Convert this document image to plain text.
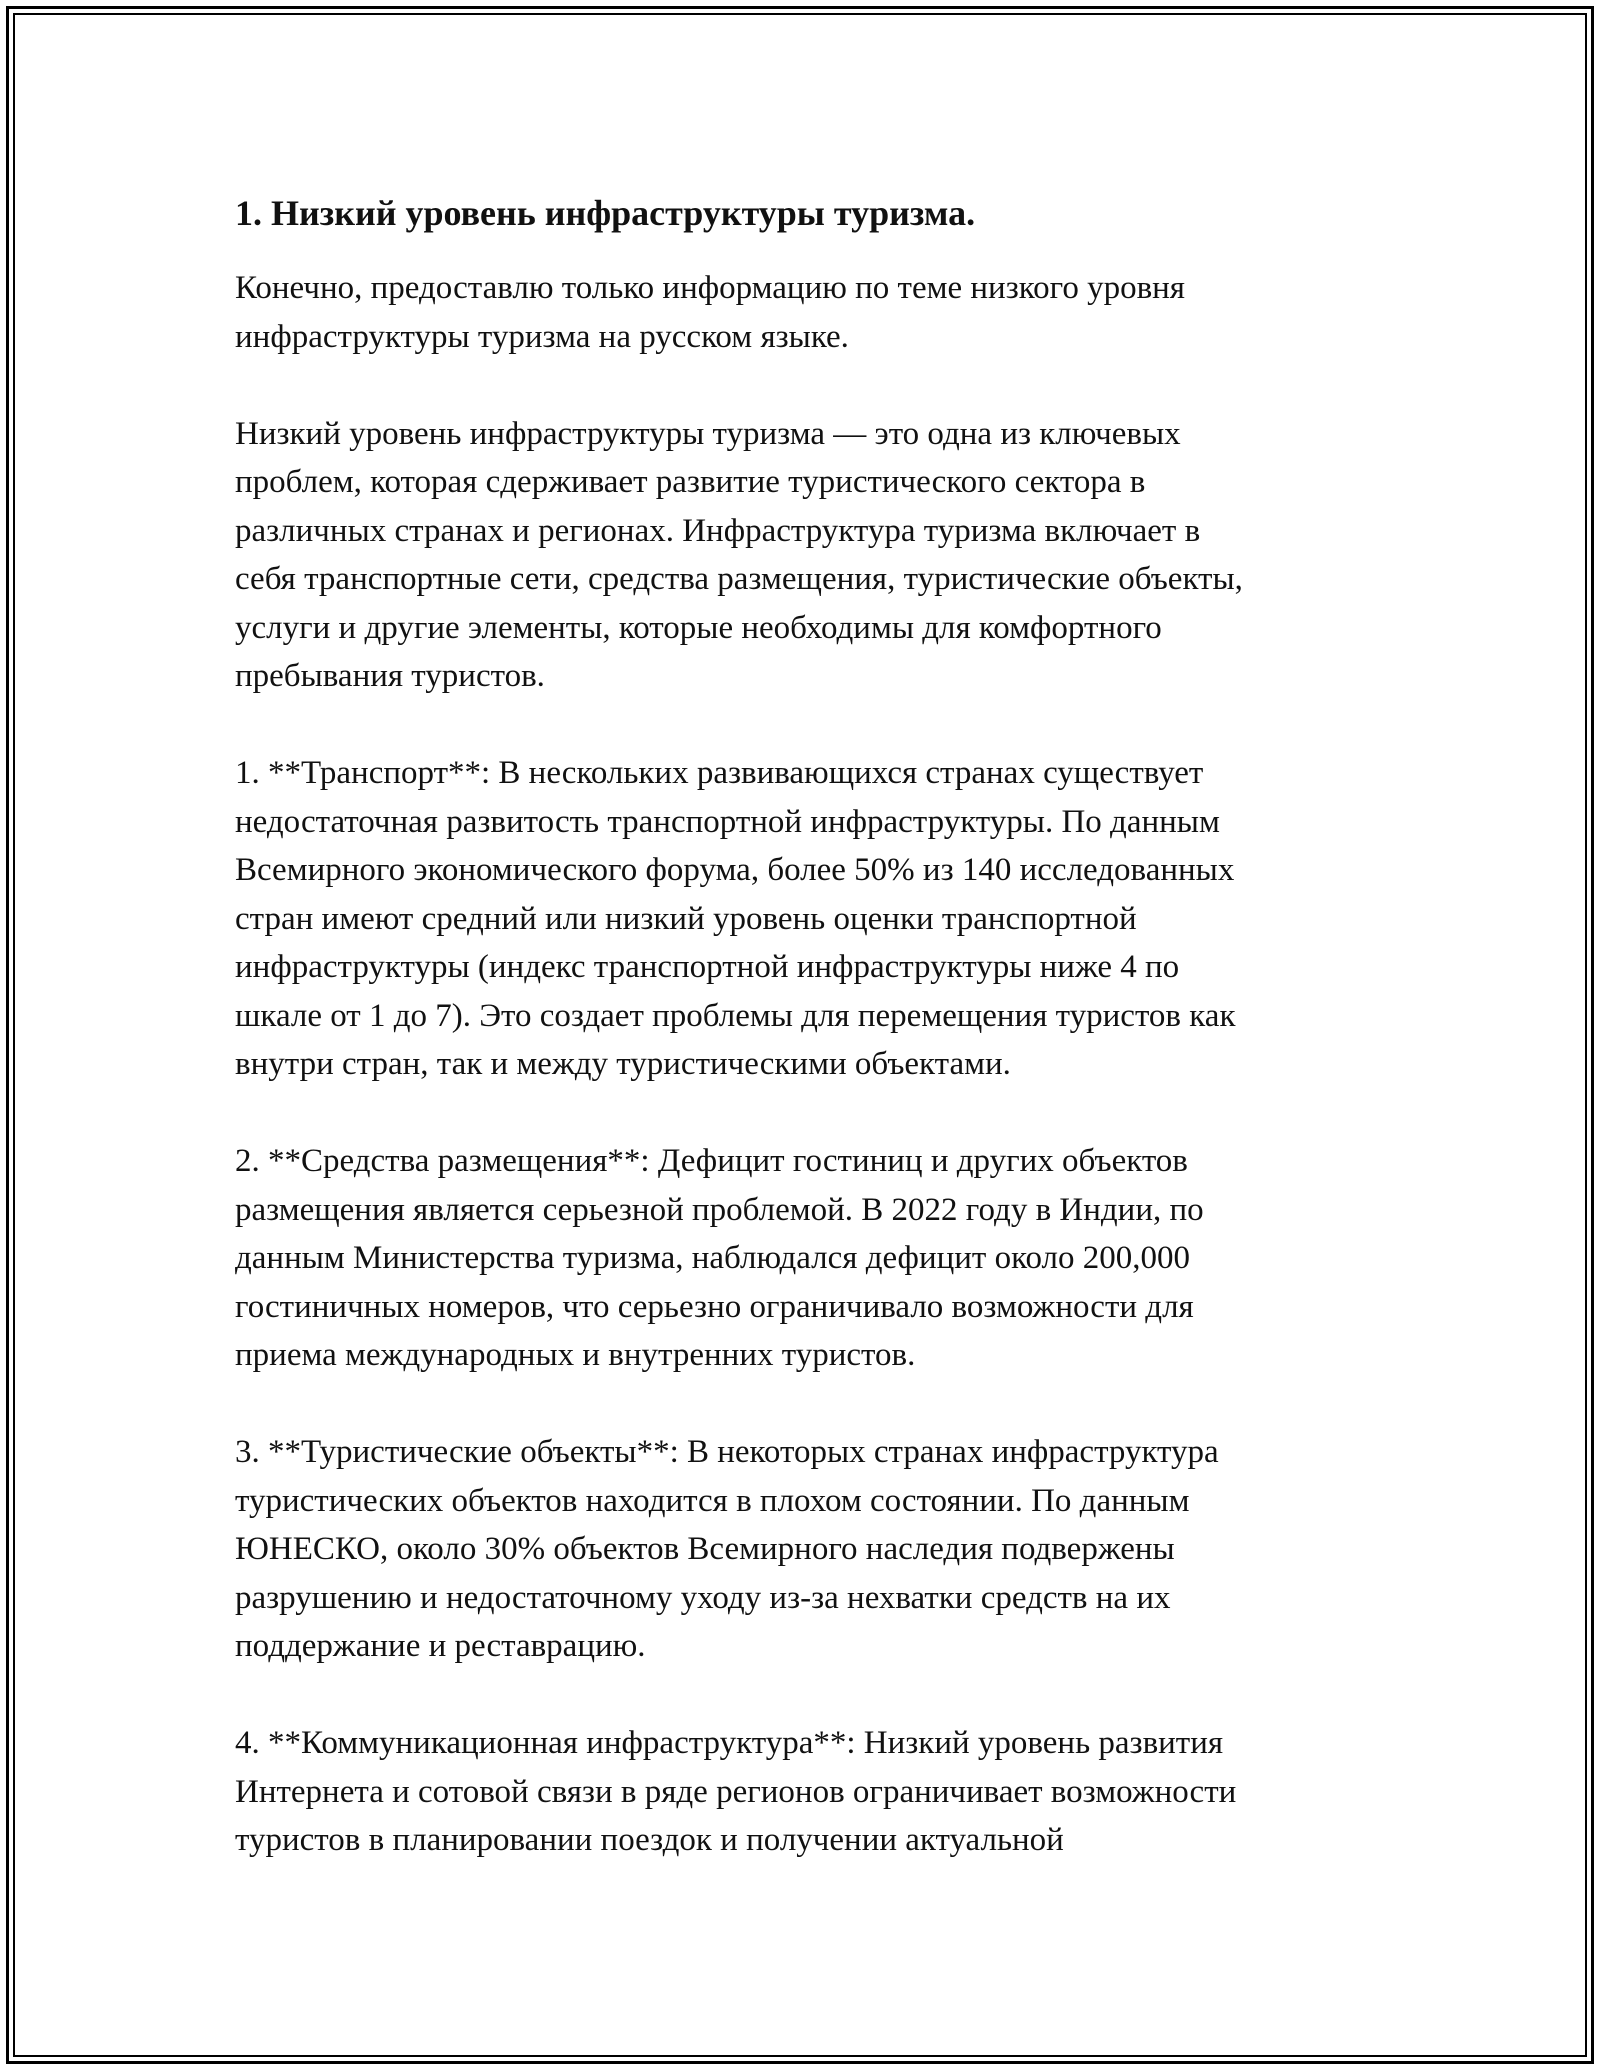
1. Низкий уровень инфраструктуры туризма.

Конечно, предоставлю только информацию по теме низкого уровня
инфраструктуры туризма на русском языке.

Низкий уровень инфраструктуры туризма — это одна из ключевых
проблем, которая сдерживает развитие туристического сектора в
различных странах и регионах. Инфраструктура туризма включает в
себя транспортные сети, средства размещения, туристические объекты,
услуги и другие элементы, которые необходимы для комфортного
пребывания туристов.

1. **Транспорт**: В нескольких развивающихся странах существует
недостаточная развитость транспортной инфраструктуры. По данным
Всемирного экономического форума, более 50% из 140 исследованных
стран имеют средний или низкий уровень оценки транспортной
инфраструктуры (индекс транспортной инфраструктуры ниже 4 по
шкале от 1 до 7). Это создает проблемы для перемещения туристов как
внутри стран, так и между туристическими объектами.

2. **Средства размещения**: Дефицит гостиниц и других объектов
размещения является серьезной проблемой. В 2022 году в Индии, по
данным Министерства туризма, наблюдался дефицит около 200,000
гостиничных номеров, что серьезно ограничивало возможности для
приема международных и внутренних туристов.

3. **Туристические объекты**: В некоторых странах инфраструктура
туристических объектов находится в плохом состоянии. По данным
ЮНЕСКО, около 30% объектов Всемирного наследия подвержены
разрушению и недостаточному уходу из-за нехватки средств на их
поддержание и реставрацию.

4. **Коммуникационная инфраструктура**: Низкий уровень развития
Интернета и сотовой связи в ряде регионов ограничивает возможности
туристов в планировании поездок и получении актуальной
